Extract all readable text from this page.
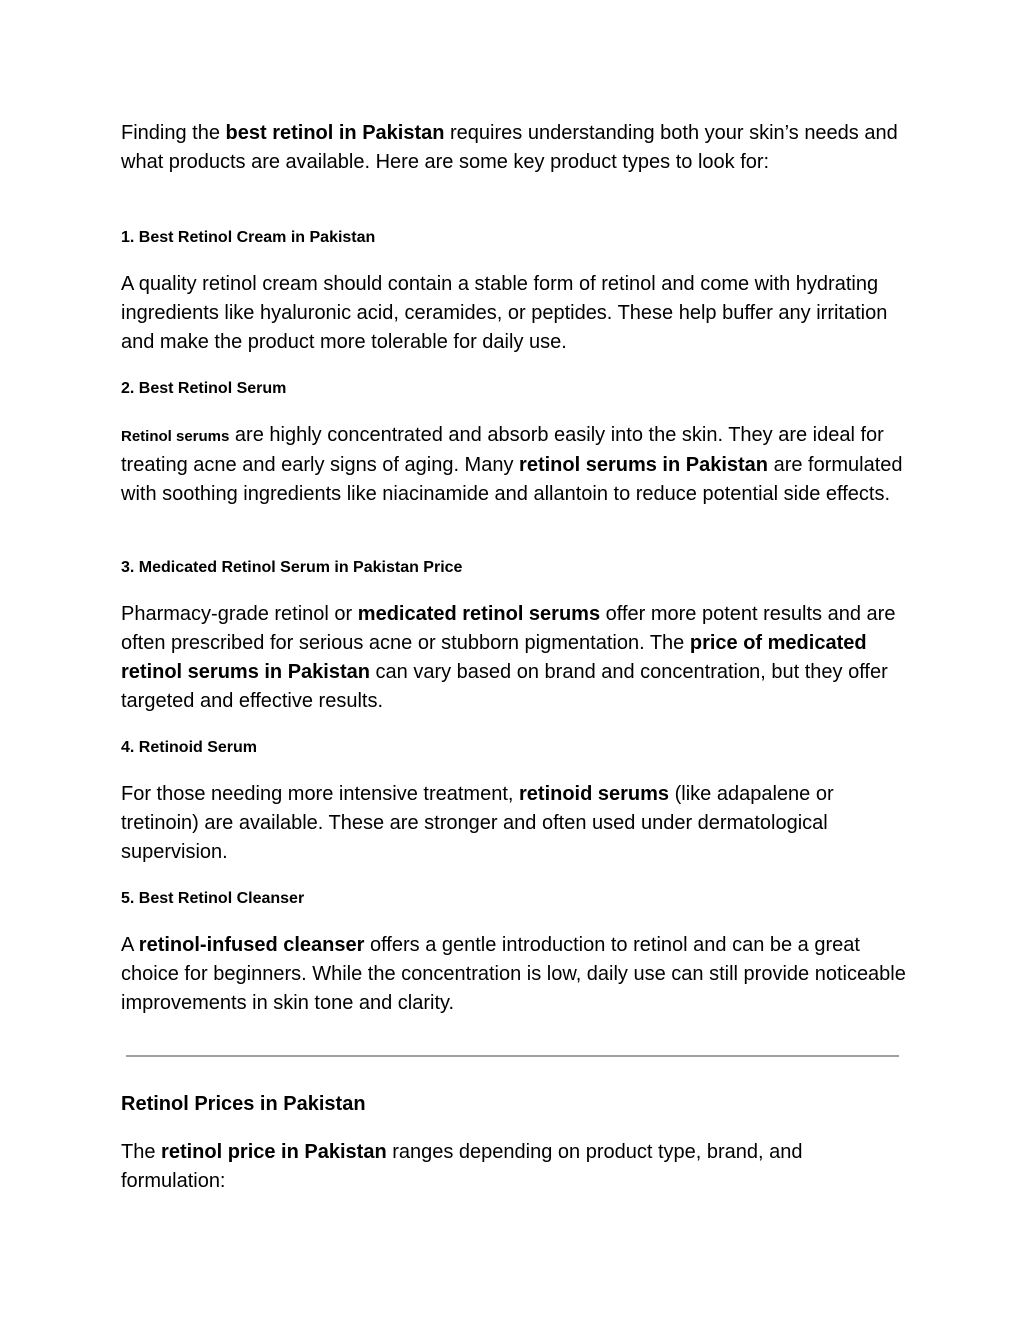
Finding the best retinol in Pakistan requires understanding both your skin’s needs and what products are available. Here are some key product types to look for:

1. Best Retinol Cream in Pakistan

A quality retinol cream should contain a stable form of retinol and come with hydrating ingredients like hyaluronic acid, ceramides, or peptides. These help buffer any irritation and make the product more tolerable for daily use.

2. Best Retinol Serum

Retinol serums are highly concentrated and absorb easily into the skin. They are ideal for treating acne and early signs of aging. Many retinol serums in Pakistan are formulated with soothing ingredients like niacinamide and allantoin to reduce potential side effects.

3. Medicated Retinol Serum in Pakistan Price

Pharmacy-grade retinol or medicated retinol serums offer more potent results and are often prescribed for serious acne or stubborn pigmentation. The price of medicated retinol serums in Pakistan can vary based on brand and concentration, but they offer targeted and effective results.

4. Retinoid Serum

For those needing more intensive treatment, retinoid serums (like adapalene or tretinoin) are available. These are stronger and often used under dermatological supervision.

5. Best Retinol Cleanser

A retinol-infused cleanser offers a gentle introduction to retinol and can be a great choice for beginners. While the concentration is low, daily use can still provide noticeable improvements in skin tone and clarity.

Retinol Prices in Pakistan

The retinol price in Pakistan ranges depending on product type, brand, and formulation:
